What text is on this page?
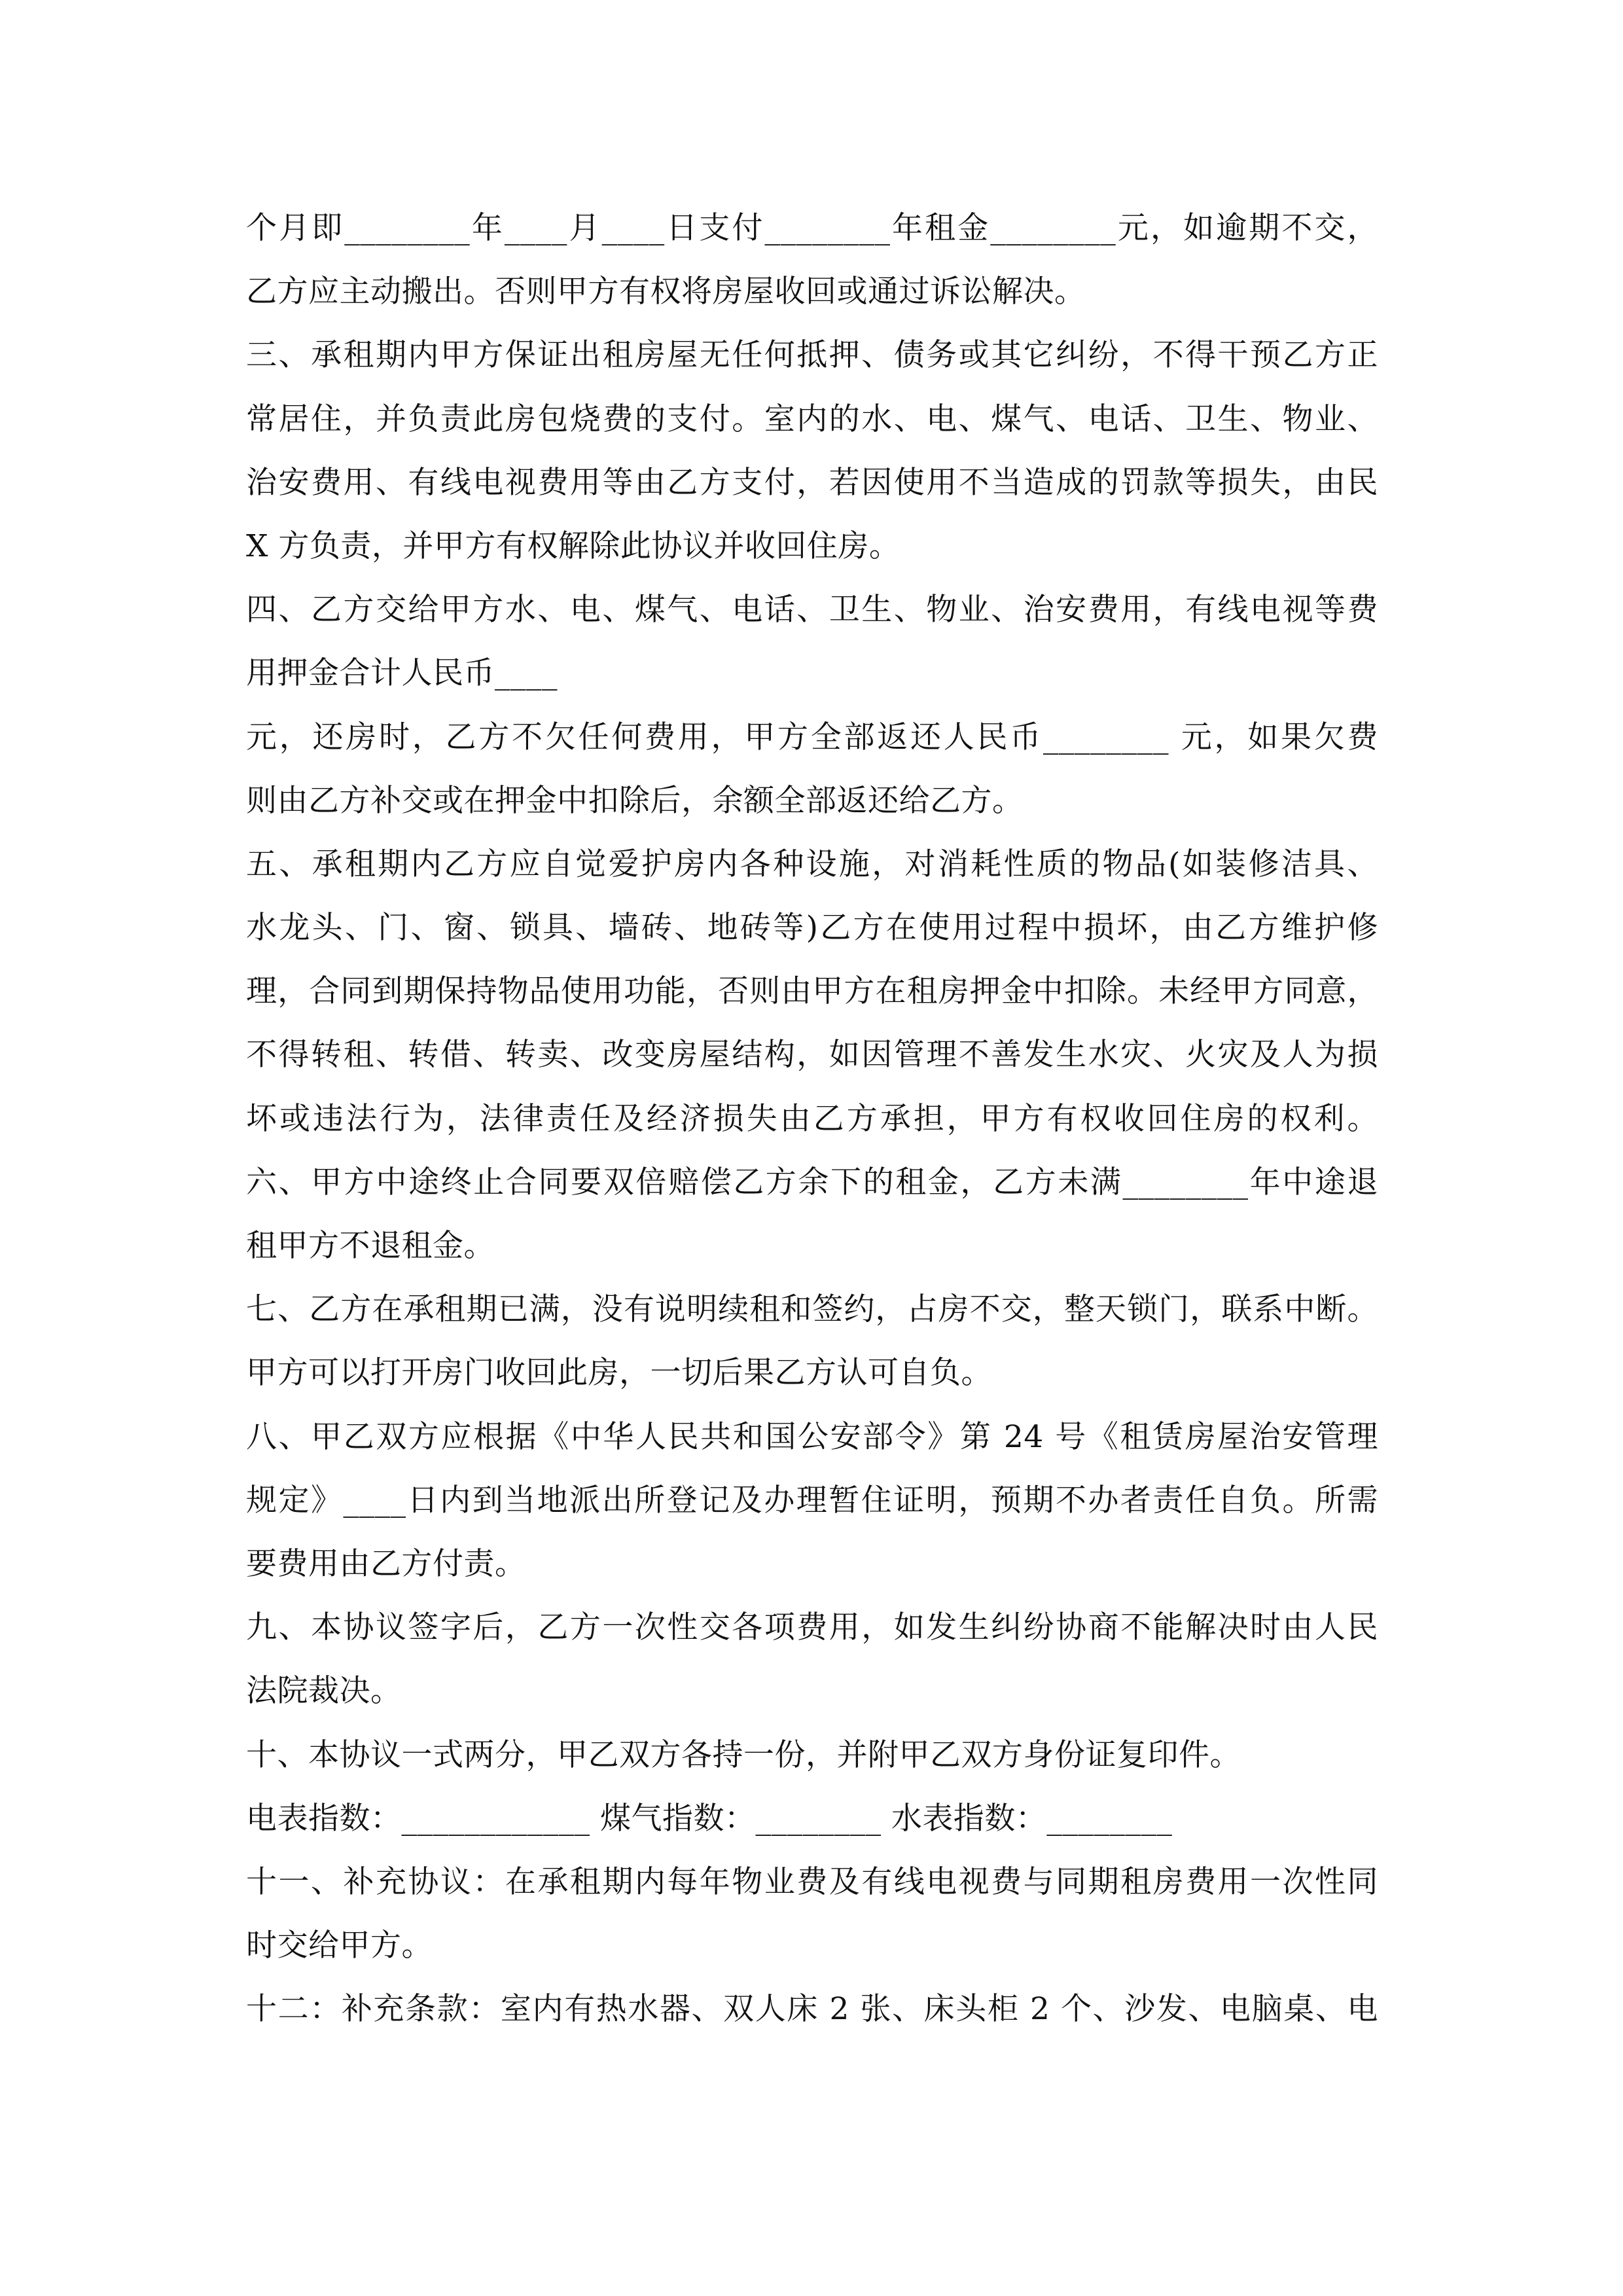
个月即________年____月____日支付________年租金________元，如逾期不交，
乙方应主动搬出。否则甲方有权将房屋收回或通过诉讼解决。
三、承租期内甲方保证出租房屋无任何抵押、债务或其它纠纷，不得干预乙方正
常居住，并负责此房包烧费的支付。室内的水、电、煤气、电话、卫生、物业、
治安费用、有线电视费用等由乙方支付，若因使用不当造成的罚款等损失，由民
X 方负责，并甲方有权解除此协议并收回住房。
四、乙方交给甲方水、电、煤气、电话、卫生、物业、治安费用，有线电视等费
用押金合计人民币____
元，还房时，乙方不欠任何费用，甲方全部返还人民币________ 元，如果欠费
则由乙方补交或在押金中扣除后，余额全部返还给乙方。
五、承租期内乙方应自觉爱护房内各种设施，对消耗性质的物品(如装修洁具、
水龙头、门、窗、锁具、墙砖、地砖等)乙方在使用过程中损坏，由乙方维护修
理，合同到期保持物品使用功能，否则由甲方在租房押金中扣除。未经甲方同意，
不得转租、转借、转卖、改变房屋结构，如因管理不善发生水灾、火灾及人为损
坏或违法行为，法律责任及经济损失由乙方承担，甲方有权收回住房的权利。
六、甲方中途终止合同要双倍赔偿乙方余下的租金，乙方未满________年中途退
租甲方不退租金。
七、乙方在承租期已满，没有说明续租和签约，占房不交，整天锁门，联系中断。
甲方可以打开房门收回此房，一切后果乙方认可自负。
八、甲乙双方应根据《中华人民共和国公安部令》第 24 号《租赁房屋治安管理
规定》____日内到当地派出所登记及办理暂住证明，预期不办者责任自负。所需
要费用由乙方付责。
九、本协议签字后，乙方一次性交各项费用，如发生纠纷协商不能解决时由人民
法院裁决。
十、本协议一式两分，甲乙双方各持一份，并附甲乙双方身份证复印件。
电表指数：____________ 煤气指数：________ 水表指数：________
十一、补充协议：在承租期内每年物业费及有线电视费与同期租房费用一次性同
时交给甲方。
十二：补充条款：室内有热水器、双人床 2 张、床头柜 2 个、沙发、电脑桌、电
